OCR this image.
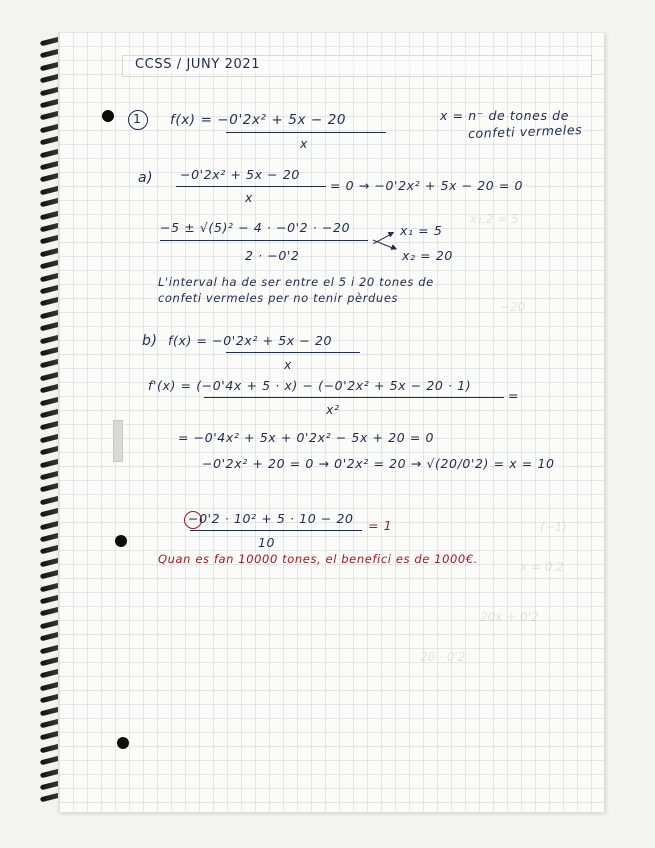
x₁,2 = 5
−20
(−1)
x = 0.2
20x + 0'2
20 · 0'2
CCSS / JUNY 2021
1 f(x) = −0'2x² + 5x − 20
x
x = n⁻ de tones de
confeti vermeles
a) −0'2x² + 5x − 20
x
= 0 → −0'2x² + 5x − 20 = 0
−5 ± √(5)² − 4 · −0'2 · −20
2 · −0'2
x₁ = 5
x₂ = 20
L'interval ha de ser entre el 5 i 20 tones de
confeti vermeles per no tenir pèrdues
b) f(x) = −0'2x² + 5x − 20
x
f'(x) = (−0'4x + 5 · x) − (−0'2x² + 5x − 20 · 1)
x²
=
= −0'4x² + 5x + 0'2x² − 5x + 20 = 0
−0'2x² + 20 = 0 → 0'2x² = 20 → √(20/0'2) = x = 10
−0'2 · 10² + 5 · 10 − 20
10
= 1
Quan es fan 10000 tones, el benefici es de 1000€.
